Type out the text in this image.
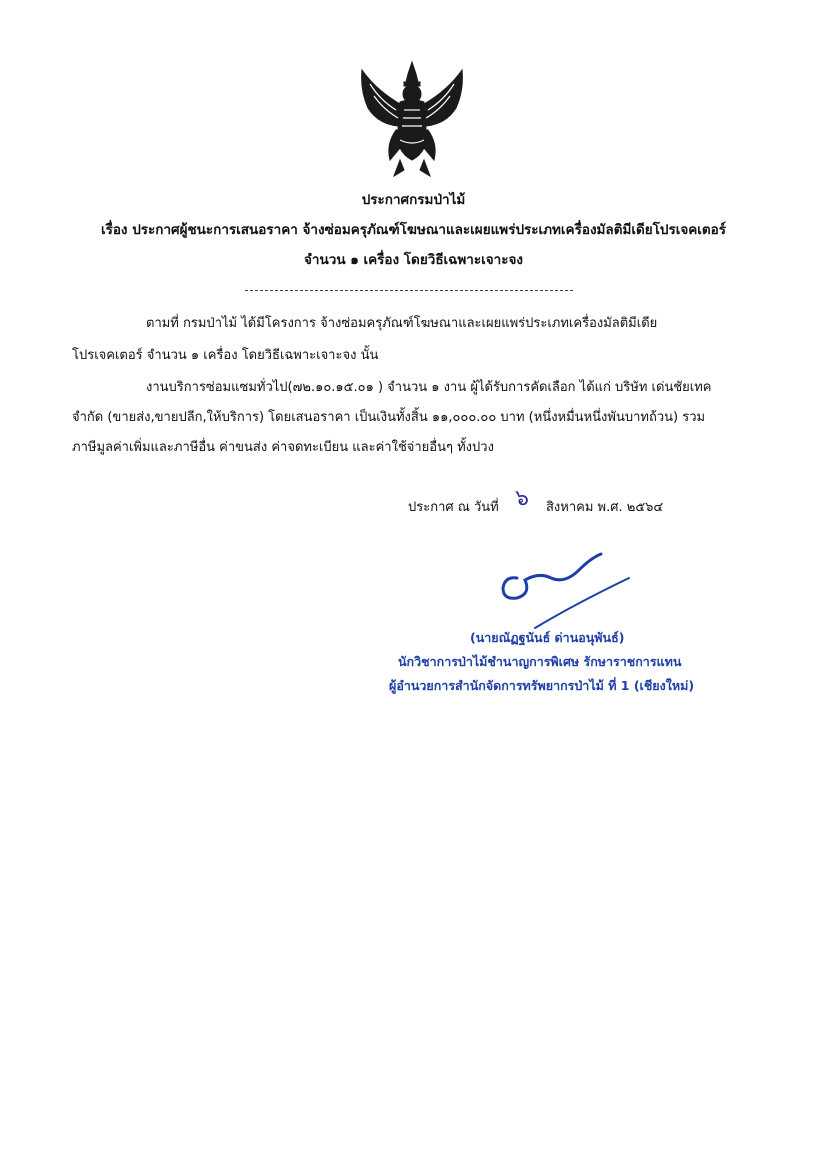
ประกาศกรมป่าไม้
เรื่อง ประกาศผู้ชนะการเสนอราคา จ้างซ่อมครุภัณฑ์โฆษณาและเผยแพร่ประเภทเครื่องมัลติมีเดียโปรเจคเตอร์
จำนวน ๑ เครื่อง โดยวิธีเฉพาะเจาะจง
ตามที่ กรมป่าไม้ ได้มีโครงการ จ้างซ่อมครุภัณฑ์โฆษณาและเผยแพร่ประเภทเครื่องมัลติมีเดีย
โปรเจคเตอร์ จำนวน ๑ เครื่อง โดยวิธีเฉพาะเจาะจง นั้น
งานบริการซ่อมแซมทั่วไป(๗๒.๑๐.๑๕.๐๑ ) จำนวน ๑ งาน ผู้ได้รับการคัดเลือก ได้แก่ บริษัท เด่นชัยเทค
จำกัด (ขายส่ง,ขายปลีก,ให้บริการ) โดยเสนอราคา เป็นเงินทั้งสิ้น ๑๑,๐๐๐.๐๐ บาท (หนึ่งหมื่นหนึ่งพันบาทถ้วน) รวม
ภาษีมูลค่าเพิ่มและภาษีอื่น ค่าขนส่ง ค่าจดทะเบียน และค่าใช้จ่ายอื่นๆ ทั้งปวง
ประกาศ ณ วันที่ ๖ สิงหาคม พ.ศ. ๒๕๖๔
(นายณัฏฐนันธ์ ด่านอนุพันธ์)
นักวิชาการป่าไม้ชำนาญการพิเศษ รักษาราชการแทน
ผู้อำนวยการสำนักจัดการทรัพยากรป่าไม้ ที่ 1 (เชียงใหม่)
